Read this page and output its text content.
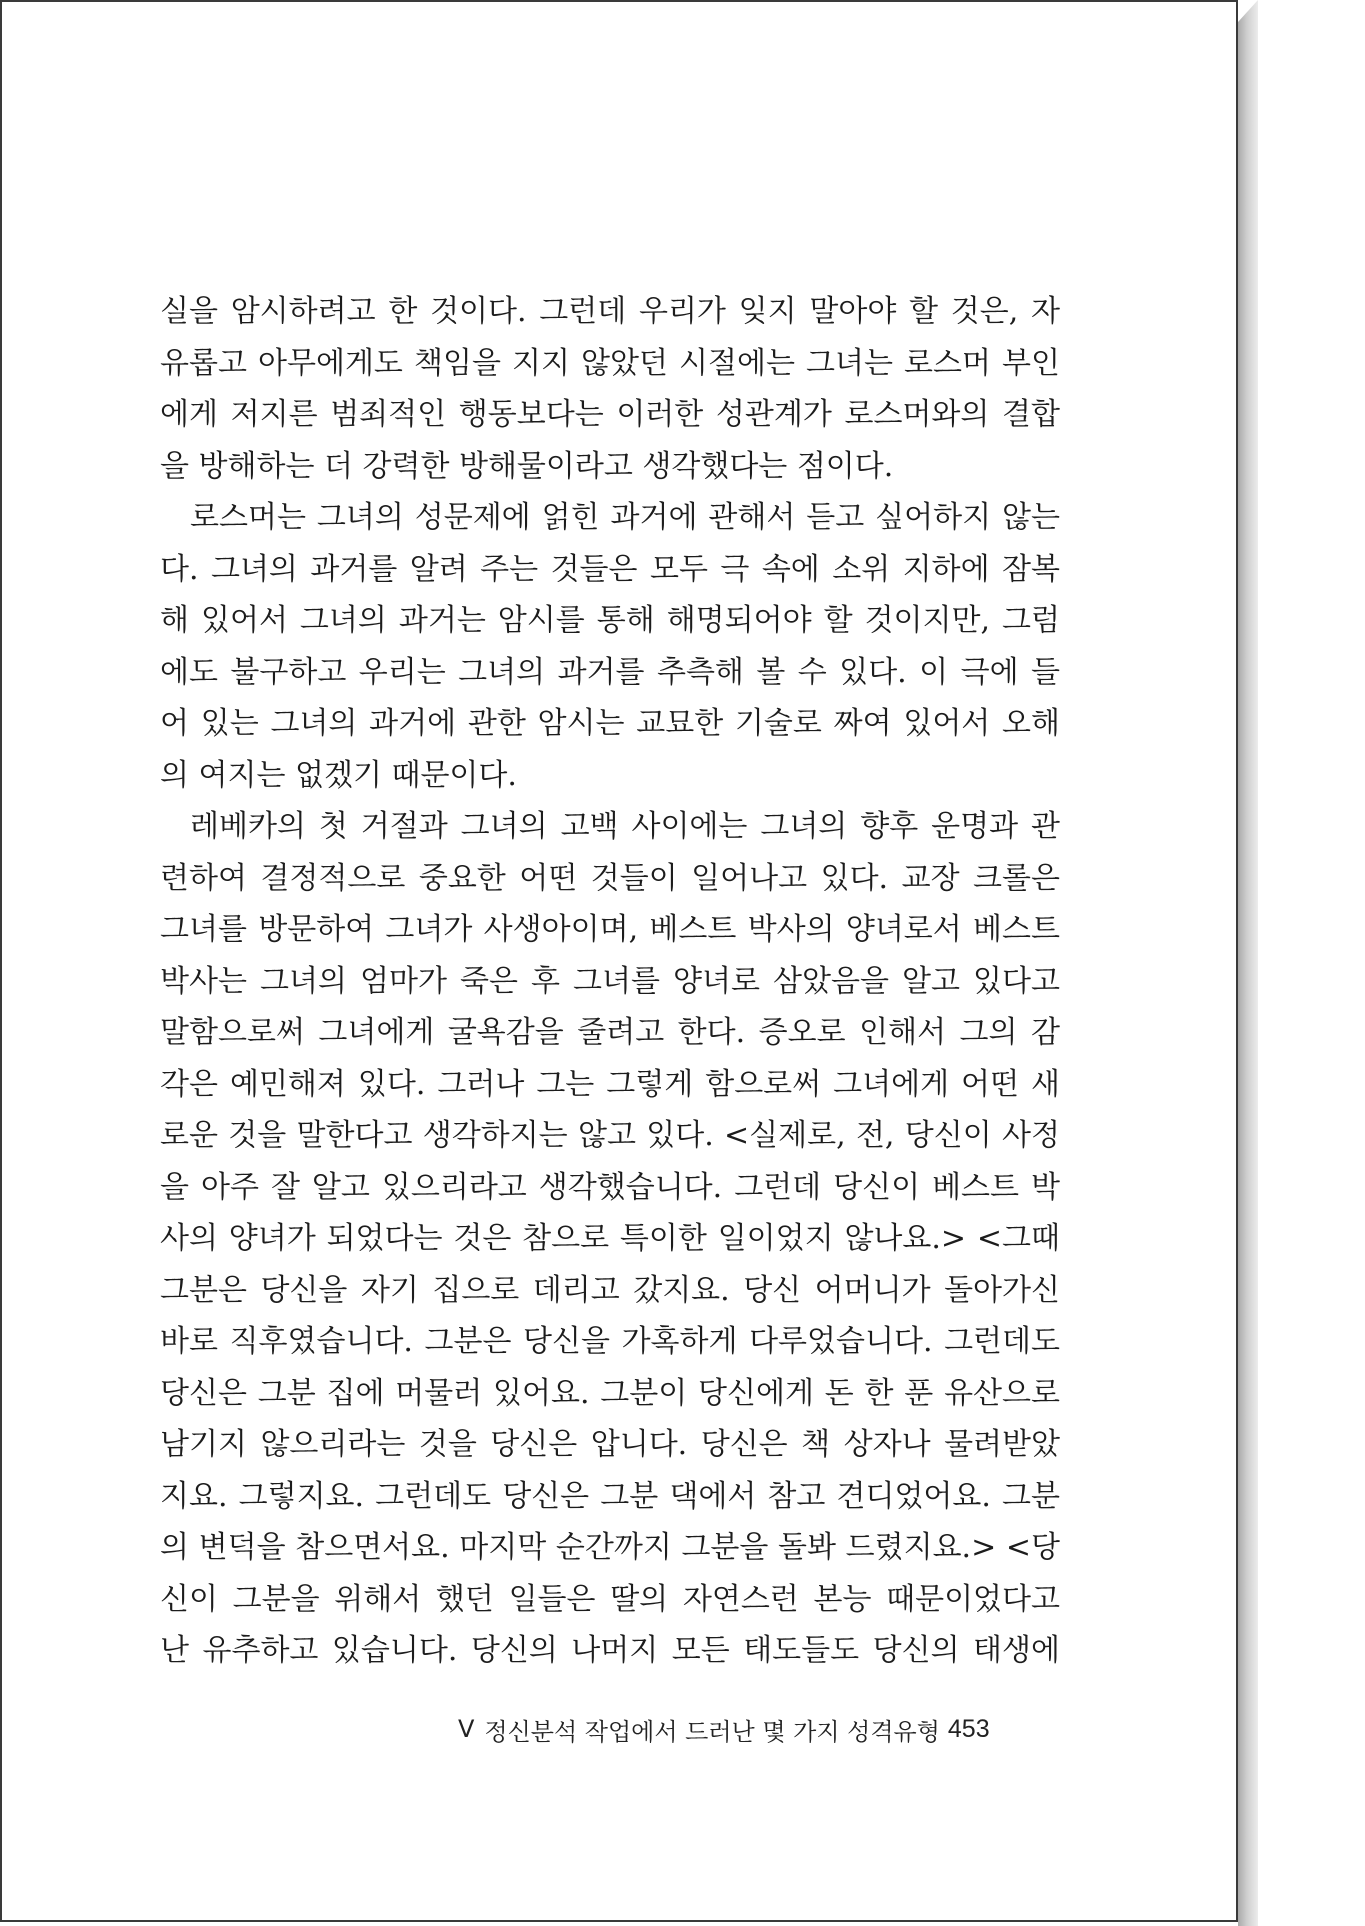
실을 암시하려고 한 것이다. 그런데 우리가 잊지 말아야 할 것은, 자
유롭고 아무에게도 책임을 지지 않았던 시절에는 그녀는 로스머 부인
에게 저지른 범죄적인 행동보다는 이러한 성관계가 로스머와의 결합
을 방해하는 더 강력한 방해물이라고 생각했다는 점이다.
로스머는 그녀의 성문제에 얽힌 과거에 관해서 듣고 싶어하지 않는
다. 그녀의 과거를 알려 주는 것들은 모두 극 속에 소위 지하에 잠복
해 있어서 그녀의 과거는 암시를 통해 해명되어야 할 것이지만, 그럼
에도 불구하고 우리는 그녀의 과거를 추측해 볼 수 있다. 이 극에 들
어 있는 그녀의 과거에 관한 암시는 교묘한 기술로 짜여 있어서 오해
의 여지는 없겠기 때문이다.
레베카의 첫 거절과 그녀의 고백 사이에는 그녀의 향후 운명과 관
련하여 결정적으로 중요한 어떤 것들이 일어나고 있다. 교장 크롤은
그녀를 방문하여 그녀가 사생아이며, 베스트 박사의 양녀로서 베스트
박사는 그녀의 엄마가 죽은 후 그녀를 양녀로 삼았음을 알고 있다고
말함으로써 그녀에게 굴욕감을 줄려고 한다. 증오로 인해서 그의 감
각은 예민해져 있다. 그러나 그는 그렇게 함으로써 그녀에게 어떤 새
로운 것을 말한다고 생각하지는 않고 있다. <실제로, 전, 당신이 사정
을 아주 잘 알고 있으리라고 생각했습니다. 그런데 당신이 베스트 박
사의 양녀가 되었다는 것은 참으로 특이한 일이었지 않나요.> <그때
그분은 당신을 자기 집으로 데리고 갔지요. 당신 어머니가 돌아가신
바로 직후였습니다. 그분은 당신을 가혹하게 다루었습니다. 그런데도
당신은 그분 집에 머물러 있어요. 그분이 당신에게 돈 한 푼 유산으로
남기지 않으리라는 것을 당신은 압니다. 당신은 책 상자나 물려받았
지요. 그렇지요. 그런데도 당신은 그분 댁에서 참고 견디었어요. 그분
의 변덕을 참으면서요. 마지막 순간까지 그분을 돌봐 드렸지요.> <당
신이 그분을 위해서 했던 일들은 딸의 자연스런 본능 때문이었다고
난 유추하고 있습니다. 당신의 나머지 모든 태도들도 당신의 태생에
V 정신분석 작업에서 드러난 몇 가지 성격유형 453
